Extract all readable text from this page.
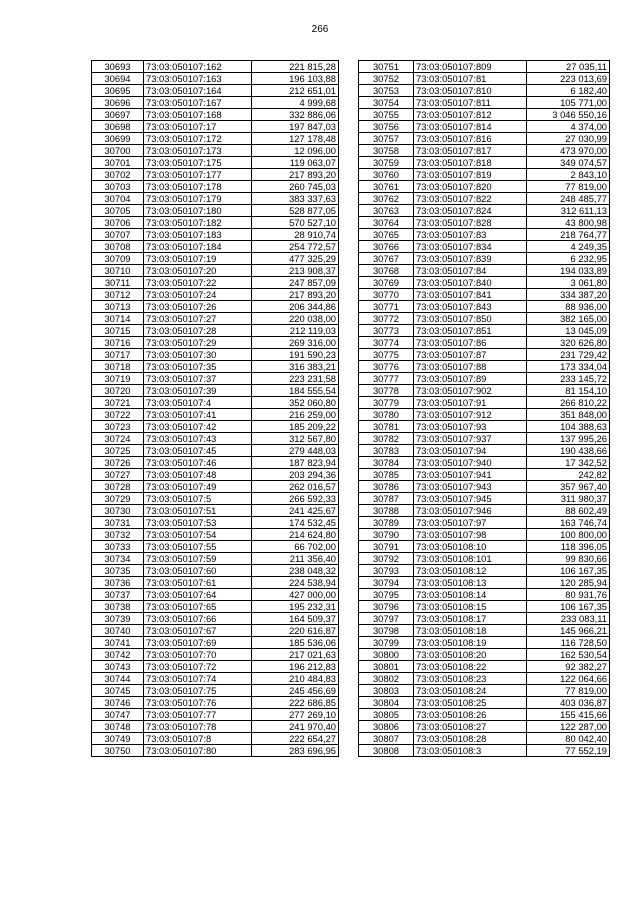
266
30693	73:03:050107:162	221 815,28
30694	73:03:050107:163	196 103,88
30695	73:03:050107:164	212 651,01
30696	73:03:050107:167	4 999,68
30697	73:03:050107:168	332 886,06
30698	73:03:050107:17	197 847,03
30699	73:03:050107:172	127 178,48
30700	73:03:050107:173	12 096,00
30701	73:03:050107:175	119 063,07
30702	73:03:050107:177	217 893,20
30703	73:03:050107:178	260 745,03
30704	73:03:050107:179	383 337,63
30705	73:03:050107:180	528 877,05
30706	73:03:050107:182	570 527,10
30707	73:03:050107:183	28 910,74
30708	73:03:050107:184	254 772,57
30709	73:03:050107:19	477 325,29
30710	73:03:050107:20	213 908,37
30711	73:03:050107:22	247 857,09
30712	73:03:050107:24	217 893,20
30713	73:03:050107:26	206 344,86
30714	73:03:050107:27	220 038,00
30715	73:03:050107:28	212 119,03
30716	73:03:050107:29	269 316,00
30717	73:03:050107:30	191 590,23
30718	73:03:050107:35	316 383,21
30719	73:03:050107:37	223 231,58
30720	73:03:050107:39	184 555,54
30721	73:03:050107:4	352 060,80
30722	73:03:050107:41	216 259,00
30723	73:03:050107:42	185 209,22
30724	73:03:050107:43	312 567,80
30725	73:03:050107:45	279 448,03
30726	73:03:050107:46	187 823,94
30727	73:03:050107:48	203 294,36
30728	73:03:050107:49	262 016,57
30729	73:03:050107:5	266 592,33
30730	73:03:050107:51	241 425,67
30731	73:03:050107:53	174 532,45
30732	73:03:050107:54	214 624,80
30733	73:03:050107:55	66 702,00
30734	73:03:050107:59	211 356,40
30735	73:03:050107:60	238 048,32
30736	73:03:050107:61	224 538,94
30737	73:03:050107:64	427 000,00
30738	73:03:050107:65	195 232,31
30739	73:03:050107:66	164 509,37
30740	73:03:050107:67	220 616,87
30741	73:03:050107:69	185 536,06
30742	73:03:050107:70	217 021,63
30743	73:03:050107:72	196 212,83
30744	73:03:050107:74	210 484,83
30745	73:03:050107:75	245 456,69
30746	73:03:050107:76	222 686,85
30747	73:03:050107:77	277 269,10
30748	73:03:050107:78	241 970,40
30749	73:03:050107:8	222 654,27
30750	73:03:050107:80	283 696,95
30751	73:03:050107:809	27 035,11
30752	73:03:050107:81	223 013,69
30753	73:03:050107:810	6 182,40
30754	73:03:050107:811	105 771,00
30755	73:03:050107:812	3 046 550,16
30756	73:03:050107:814	4 374,00
30757	73:03:050107:816	27 030,99
30758	73:03:050107:817	473 970,00
30759	73:03:050107:818	349 074,57
30760	73:03:050107:819	2 843,10
30761	73:03:050107:820	77 819,00
30762	73:03:050107:822	248 485,77
30763	73:03:050107:824	312 611,13
30764	73:03:050107:828	43 800,98
30765	73:03:050107:83	218 764,77
30766	73:03:050107:834	4 249,35
30767	73:03:050107:839	6 232,95
30768	73:03:050107:84	194 033,89
30769	73:03:050107:840	3 061,80
30770	73:03:050107:841	334 387,20
30771	73:03:050107:843	88 936,00
30772	73:03:050107:850	382 165,00
30773	73:03:050107:851	13 045,09
30774	73:03:050107:86	320 626,80
30775	73:03:050107:87	231 729,42
30776	73:03:050107:88	173 334,04
30777	73:03:050107:89	233 145,72
30778	73:03:050107:902	81 154,10
30779	73:03:050107:91	266 810,22
30780	73:03:050107:912	351 848,00
30781	73:03:050107:93	104 388,63
30782	73:03:050107:937	137 995,26
30783	73:03:050107:94	190 438,66
30784	73:03:050107:940	17 342,52
30785	73:03:050107:941	242,82
30786	73:03:050107:943	357 967,40
30787	73:03:050107:945	311 980,37
30788	73:03:050107:946	88 602,49
30789	73:03:050107:97	163 746,74
30790	73:03:050107:98	100 800,00
30791	73:03:050108:10	118 396,05
30792	73:03:050108:101	99 830,66
30793	73:03:050108:12	106 167,35
30794	73:03:050108:13	120 285,94
30795	73:03:050108:14	80 931,76
30796	73:03:050108:15	106 167,35
30797	73:03:050108:17	233 083,11
30798	73:03:050108:18	145 966,21
30799	73:03:050108:19	116 728,50
30800	73:03:050108:20	162 530,54
30801	73:03:050108:22	92 382,27
30802	73:03:050108:23	122 064,66
30803	73:03:050108:24	77 819,00
30804	73:03:050108:25	403 036,87
30805	73:03:050108:26	155 415,66
30806	73:03:050108:27	122 287,00
30807	73:03:050108:28	80 042,40
30808	73:03:050108:3	77 552,19
